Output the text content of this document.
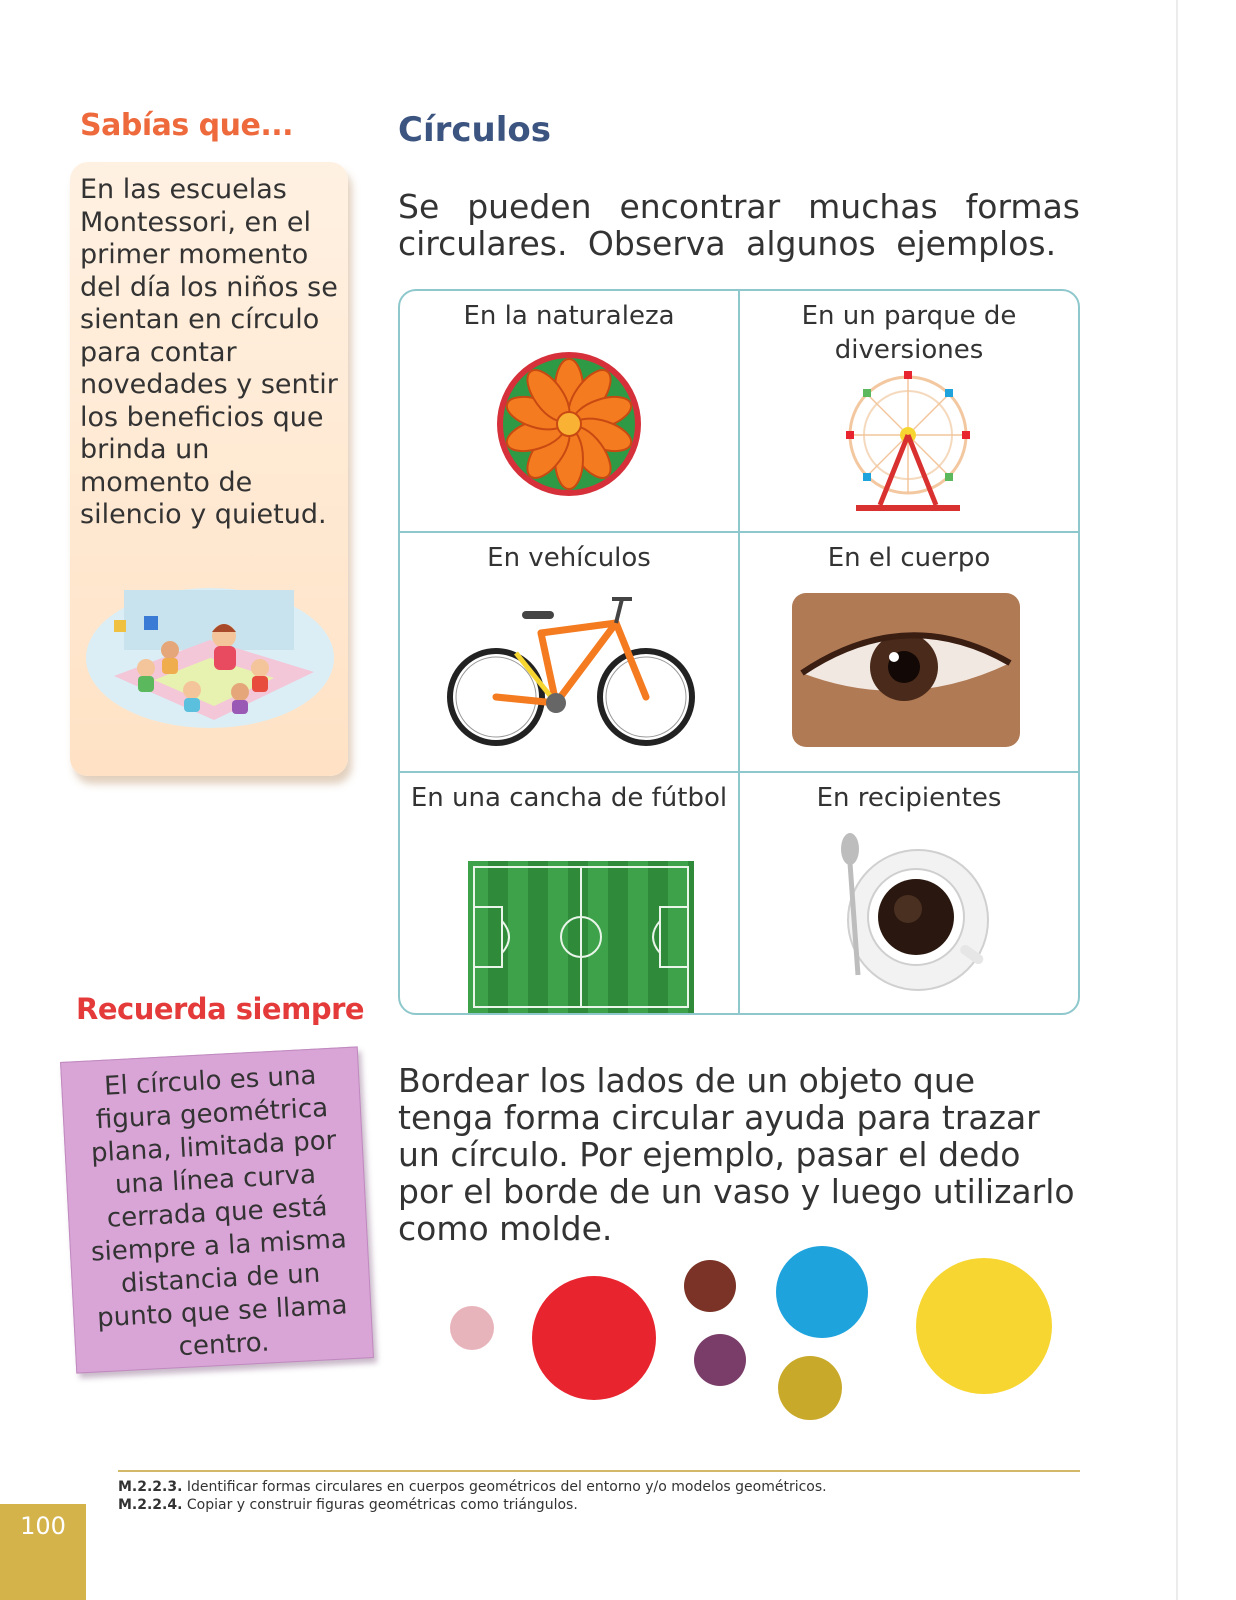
Sabías que...
En las escuelas Montessori, en el primer momento del día los niños se sientan en círculo para contar novedades y sentir los beneficios que brinda un momento de silencio y quietud.
Círculos
Se pueden encontrar muchas formas circulares. Observa algunos ejemplos.
En la naturaleza	En un parque de diversiones
En vehículos	En el cuerpo
En una cancha de fútbol	En recipientes
Recuerda siempre
El círculo es una figura geométrica plana, limitada por una línea curva cerrada que está siempre a la misma distancia de un punto que se llama centro.
Bordear los lados de un objeto que tenga forma circular ayuda para trazar un círculo. Por ejemplo, pasar el dedo por el borde de un vaso y luego utilizarlo como molde.
M.2.2.3. Identificar formas circulares en cuerpos geométricos del entorno y/o modelos geométricos.
M.2.2.4. Copiar y construir figuras geométricas como triángulos.
100
